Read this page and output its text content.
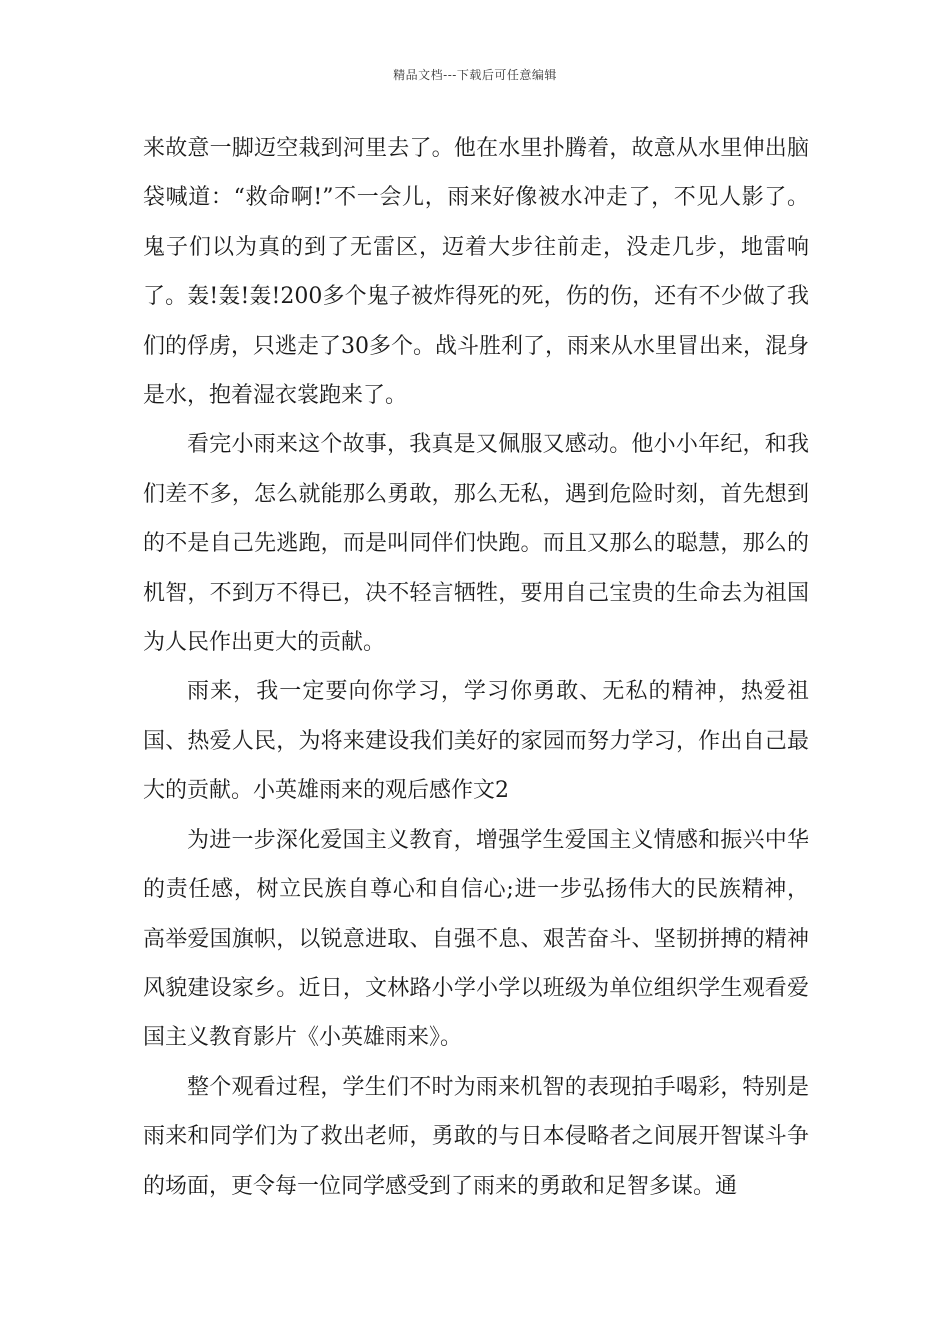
精品文档---下载后可任意编辑

来故意一脚迈空栽到河里去了。他在水里扑腾着，故意从水里伸出脑袋喊道：“救命啊!”不一会儿，雨来好像被水冲走了，不见人影了。鬼子们以为真的到了无雷区，迈着大步往前走，没走几步，地雷响了。轰!轰!轰!200多个鬼子被炸得死的死，伤的伤，还有不少做了我们的俘虏，只逃走了30多个。战斗胜利了，雨来从水里冒出来，混身是水，抱着湿衣裳跑来了。

看完小雨来这个故事，我真是又佩服又感动。他小小年纪，和我们差不多，怎么就能那么勇敢，那么无私，遇到危险时刻，首先想到的不是自己先逃跑，而是叫同伴们快跑。而且又那么的聪慧，那么的机智，不到万不得已，决不轻言牺牲，要用自己宝贵的生命去为祖国为人民作出更大的贡献。

雨来，我一定要向你学习，学习你勇敢、无私的精神，热爱祖国、热爱人民，为将来建设我们美好的家园而努力学习，作出自己最大的贡献。小英雄雨来的观后感作文2

为进一步深化爱国主义教育，增强学生爱国主义情感和振兴中华的责任感，树立民族自尊心和自信心;进一步弘扬伟大的民族精神，高举爱国旗帜，以锐意进取、自强不息、艰苦奋斗、坚韧拼搏的精神风貌建设家乡。近日，文林路小学小学以班级为单位组织学生观看爱国主义教育影片《小英雄雨来》。

整个观看过程，学生们不时为雨来机智的表现拍手喝彩，特别是雨来和同学们为了救出老师，勇敢的与日本侵略者之间展开智谋斗争的场面，更令每一位同学感受到了雨来的勇敢和足智多谋。通
